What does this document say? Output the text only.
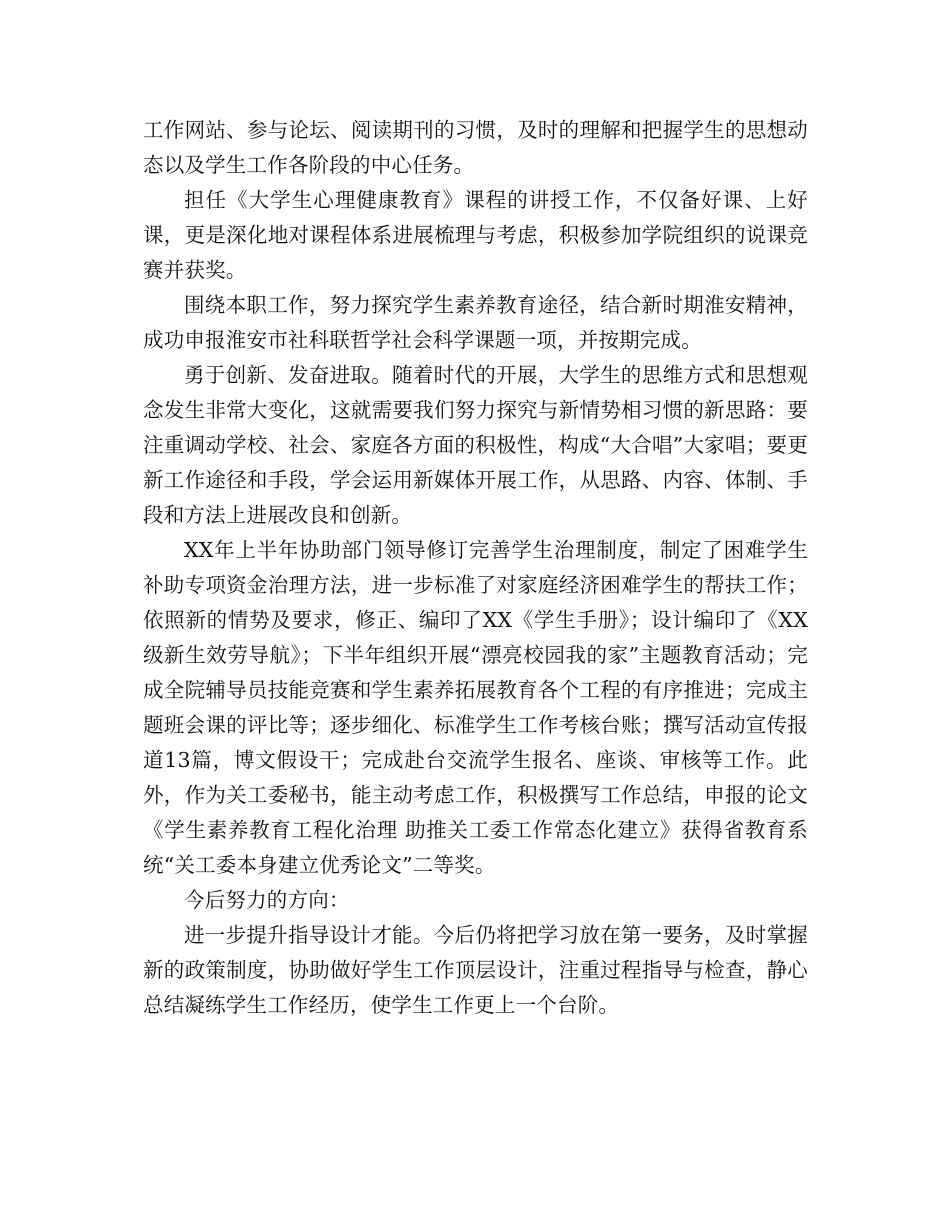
工作网站、参与论坛、阅读期刊的习惯，及时的理解和把握学生的思想动态以及学生工作各阶段的中心任务。

担任《大学生心理健康教育》课程的讲授工作，不仅备好课、上好课，更是深化地对课程体系进展梳理与考虑，积极参加学院组织的说课竞赛并获奖。

围绕本职工作，努力探究学生素养教育途径，结合新时期淮安精神，成功申报淮安市社科联哲学社会科学课题一项，并按期完成。

勇于创新、发奋进取。随着时代的开展，大学生的思维方式和思想观念发生非常大变化，这就需要我们努力探究与新情势相习惯的新思路：要注重调动学校、社会、家庭各方面的积极性，构成“大合唱”大家唱；要更新工作途径和手段，学会运用新媒体开展工作，从思路、内容、体制、手段和方法上进展改良和创新。

XX年上半年协助部门领导修订完善学生治理制度，制定了困难学生补助专项资金治理方法，进一步标准了对家庭经济困难学生的帮扶工作；依照新的情势及要求，修正、编印了XX《学生手册》；设计编印了《XX级新生效劳导航》；下半年组织开展“漂亮校园我的家”主题教育活动；完成全院辅导员技能竞赛和学生素养拓展教育各个工程的有序推进；完成主题班会课的评比等；逐步细化、标准学生工作考核台账；撰写活动宣传报道13篇，博文假设干；完成赴台交流学生报名、座谈、审核等工作。此外，作为关工委秘书，能主动考虑工作，积极撰写工作总结，申报的论文《学生素养教育工程化治理 助推关工委工作常态化建立》获得省教育系统“关工委本身建立优秀论文”二等奖。

今后努力的方向：

进一步提升指导设计才能。今后仍将把学习放在第一要务，及时掌握新的政策制度，协助做好学生工作顶层设计，注重过程指导与检查，静心总结凝练学生工作经历，使学生工作更上一个台阶。
